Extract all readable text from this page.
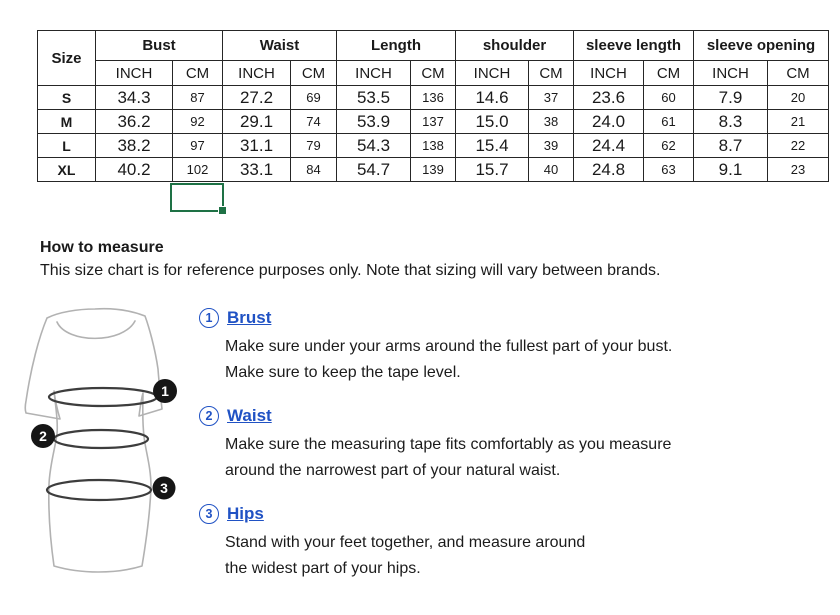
Size	Bust		Waist		Length		shoulder		sleeve length		sleeve opening	
	INCH	CM	INCH	CM	INCH	CM	INCH	CM	INCH	CM	INCH	CM
S	34.3	87	27.2	69	53.5	136	14.6	37	23.6	60	7.9	20
M	36.2	92	29.1	74	53.9	137	15.0	38	24.0	61	8.3	21
L	38.2	97	31.1	79	54.3	138	15.4	39	24.4	62	8.7	22
XL	40.2	102	33.1	84	54.7	139	15.7	40	24.8	63	9.1	23

How to measure

This size chart is for reference purposes only. Note that sizing will vary between brands.

1 Brust
Make sure under your arms around the fullest part of your bust.
Make sure to keep the tape level.
2 Waist
Make sure the measuring tape fits comfortably as you measure
around the narrowest part of your natural waist.
3 Hips
Stand with your feet together, and measure around
the widest part of your hips.
1
2
3
